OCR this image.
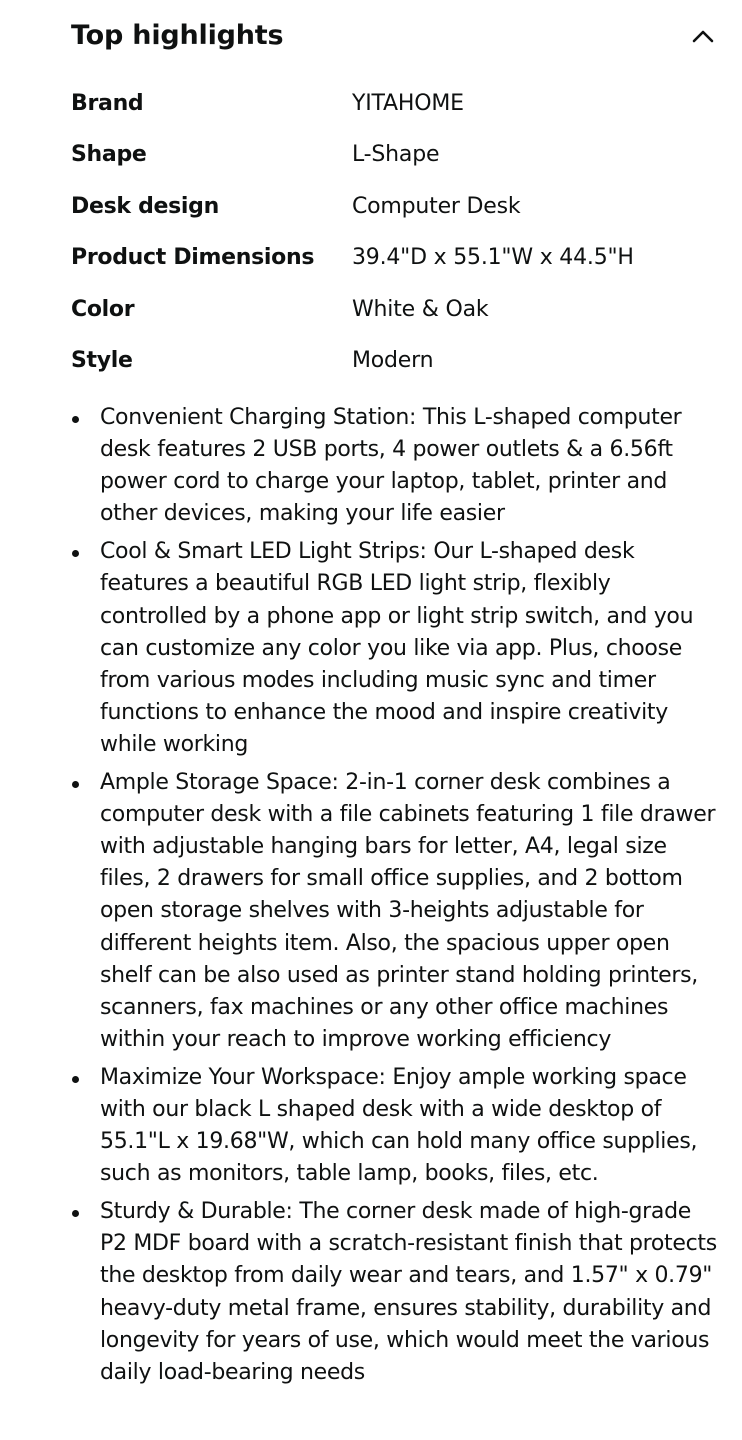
Top highlights
Brand	YITAHOME
Shape	L-Shape
Desk design	Computer Desk
Product Dimensions 39.4"D x 55.1"W x 44.5"H
Color	White & Oak
Style	Modern
Convenient Charging Station: This L-shaped computer desk features 2 USB ports, 4 power outlets & a 6.56ft power cord to charge your laptop, tablet, printer and other devices, making your life easier
Cool & Smart LED Light Strips: Our L-shaped desk features a beautiful RGB LED light strip, flexibly controlled by a phone app or light strip switch, and you can customize any color you like via app. Plus, choose from various modes including music sync and timer functions to enhance the mood and inspire creativity while working
Ample Storage Space: 2-in-1 corner desk combines a computer desk with a file cabinets featuring 1 file drawer with adjustable hanging bars for letter, A4, legal size files, 2 drawers for small office supplies, and 2 bottom open storage shelves with 3-heights adjustable for different heights item. Also, the spacious upper open shelf can be also used as printer stand holding printers, scanners, fax machines or any other office machines within your reach to improve working efficiency
Maximize Your Workspace: Enjoy ample working space with our black L shaped desk with a wide desktop of 55.1"L x 19.68"W, which can hold many office supplies, such as monitors, table lamp, books, files, etc.
Sturdy & Durable: The corner desk made of high-grade P2 MDF board with a scratch-resistant finish that protects the desktop from daily wear and tears, and 1.57" x 0.79" heavy-duty metal frame, ensures stability, durability and longevity for years of use, which would meet the various daily load-bearing needs
